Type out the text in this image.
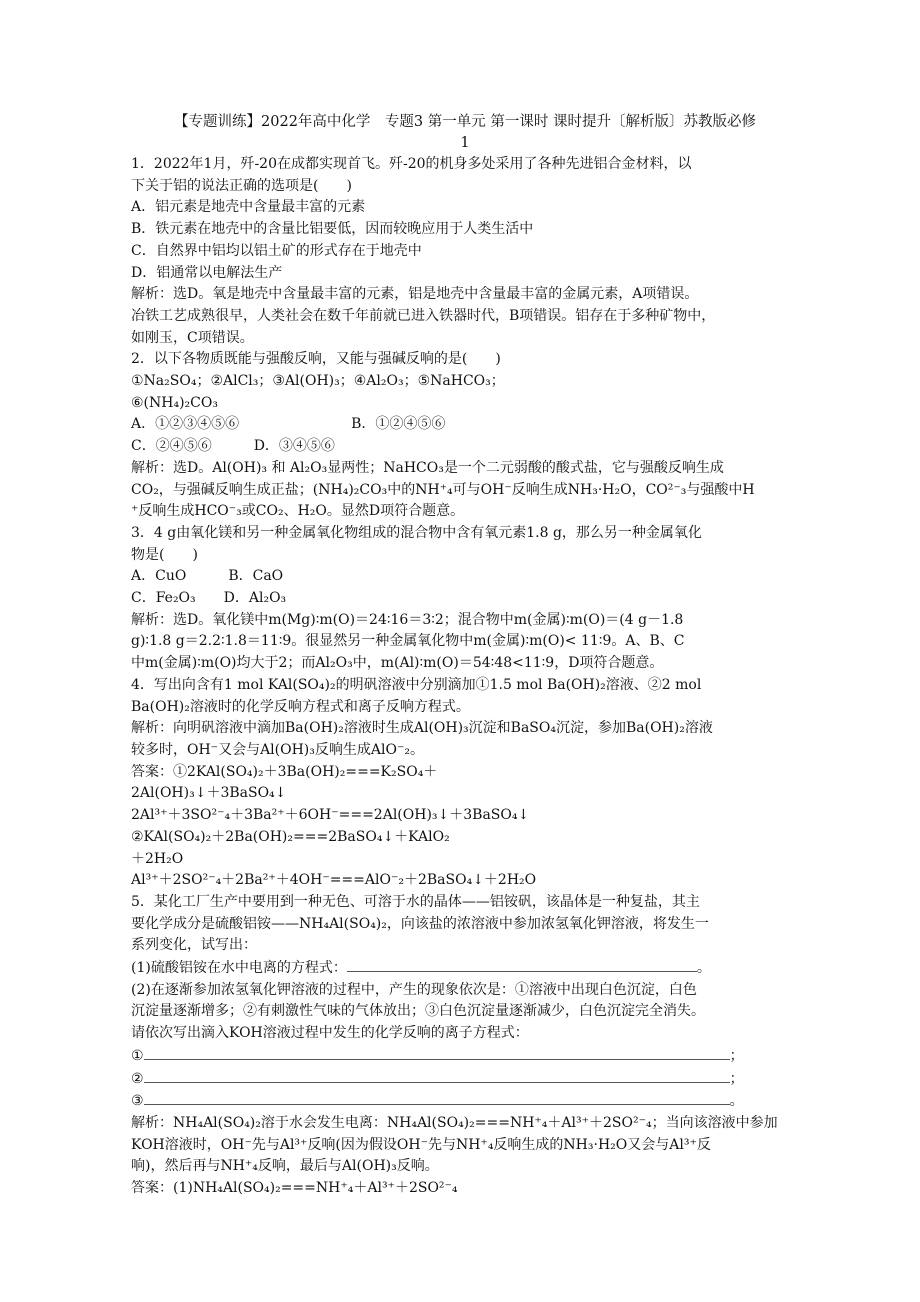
【专题训练】2022年高中化学　专题3 第一单元 第一课时 课时提升〔解析版〕苏教版必修
1
1．2022年1月，歼-20在成都实现首飞。歼-20的机身多处采用了各种先进铝合金材料，以
下关于铝的说法正确的选项是(　　)
A．铝元素是地壳中含量最丰富的元素
B．铁元素在地壳中的含量比铝要低，因而较晚应用于人类生活中
C．自然界中铝均以铝土矿的形式存在于地壳中
D．铝通常以电解法生产
解析：选D。氧是地壳中含量最丰富的元素，铝是地壳中含量最丰富的金属元素，A项错误。
冶铁工艺成熟很早，人类社会在数千年前就已进入铁器时代，B项错误。铝存在于多种矿物中，
如刚玉，C项错误。
2．以下各物质既能与强酸反响，又能与强碱反响的是(　　)
①Na₂SO₄；②AlCl₃；③Al(OH)₃；④Al₂O₃；⑤NaHCO₃；
⑥(NH₄)₂CO₃
A．①②③④⑤⑥　　　　　　　　B．①②④⑤⑥
C．②④⑤⑥　　　D．③④⑤⑥
解析：选D。Al(OH)₃ 和 Al₂O₃显两性；NaHCO₃是一个二元弱酸的酸式盐，它与强酸反响生成
CO₂，与强碱反响生成正盐；(NH₄)₂CO₃中的NH⁺₄可与OH⁻反响生成NH₃·H₂O，CO²⁻₃与强酸中H
⁺反响生成HCO⁻₃或CO₂、H₂O。显然D项符合题意。
3．4 g由氧化镁和另一种金属氧化物组成的混合物中含有氧元素1.8 g，那么另一种金属氧化
物是(　　)
A．CuO　　　B．CaO
C．Fe₂O₃　　D．Al₂O₃
解析：选D。氧化镁中m(Mg)∶m(O)＝24∶16＝3∶2；混合物中m(金属)∶m(O)＝(4 g－1.8
g)∶1.8 g＝2.2∶1.8＝11∶9。很显然另一种金属氧化物中m(金属)∶m(O)< 11∶9。A、B、C
中m(金属)∶m(O)均大于2；而Al₂O₃中，m(Al)∶m(O)＝54∶48<11∶9，D项符合题意。
4．写出向含有1 mol KAl(SO₄)₂的明矾溶液中分别滴加①1.5 mol Ba(OH)₂溶液、②2 mol
Ba(OH)₂溶液时的化学反响方程式和离子反响方程式。
解析：向明矾溶液中滴加Ba(OH)₂溶液时生成Al(OH)₃沉淀和BaSO₄沉淀，参加Ba(OH)₂溶液
较多时，OH⁻又会与Al(OH)₃反响生成AlO⁻₂。
答案：①2KAl(SO₄)₂＋3Ba(OH)₂===K₂SO₄＋
2Al(OH)₃↓＋3BaSO₄↓
2Al³⁺＋3SO²⁻₄＋3Ba²⁺＋6OH⁻===2Al(OH)₃↓＋3BaSO₄↓
②KAl(SO₄)₂＋2Ba(OH)₂===2BaSO₄↓＋KAlO₂
＋2H₂O
Al³⁺＋2SO²⁻₄＋2Ba²⁺＋4OH⁻===AlO⁻₂＋2BaSO₄↓＋2H₂O
5．某化工厂生产中要用到一种无色、可溶于水的晶体——铝铵矾，该晶体是一种复盐，其主
要化学成分是硫酸铝铵——NH₄Al(SO₄)₂，向该盐的浓溶液中参加浓氢氧化钾溶液，将发生一
系列变化，试写出：
(1)硫酸铝铵在水中电离的方程式：	。
(2)在逐渐参加浓氢氧化钾溶液的过程中，产生的现象依次是：①溶液中出现白色沉淀，白色
沉淀量逐渐增多；②有刺激性气味的气体放出；③白色沉淀量逐渐减少，白色沉淀完全消失。
请依次写出滴入KOH溶液过程中发生的化学反响的离子方程式：
①	；
②	；
③	。
解析：NH₄Al(SO₄)₂溶于水会发生电离：NH₄Al(SO₄)₂===NH⁺₄＋Al³⁺＋2SO²⁻₄；当向该溶液中参加
KOH溶液时，OH⁻先与Al³⁺反响(因为假设OH⁻先与NH⁺₄反响生成的NH₃·H₂O又会与Al³⁺反
响)，然后再与NH⁺₄反响，最后与Al(OH)₃反响。
答案：(1)NH₄Al(SO₄)₂===NH⁺₄＋Al³⁺＋2SO²⁻₄
